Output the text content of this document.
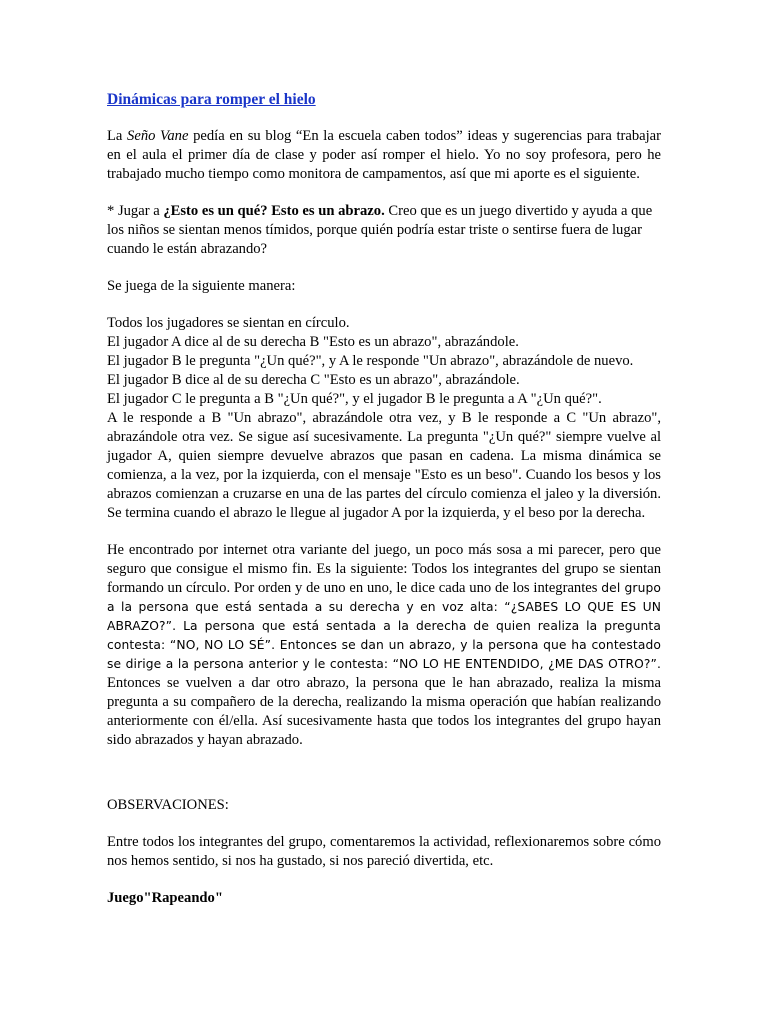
Dinámicas para romper el hielo

La Seño Vane pedía en su blog “En la escuela caben todos” ideas y sugerencias para trabajar en el aula el primer día de clase y poder así romper el hielo. Yo no soy profesora, pero he trabajado mucho tiempo como monitora de campamentos, así que mi aporte es el siguiente.

* Jugar a ¿Esto es un qué? Esto es un abrazo. Creo que es un juego divertido y ayuda a que los niños se sientan menos tímidos, porque quién podría estar triste o sentirse fuera de lugar cuando le están abrazando?

Se juega de la siguiente manera:

Todos los jugadores se sientan en círculo.
El jugador A dice al de su derecha B "Esto es un abrazo", abrazándole.
El jugador B le pregunta "¿Un qué?", y A le responde "Un abrazo", abrazándole de nuevo.
El jugador B dice al de su derecha C "Esto es un abrazo", abrazándole.
El jugador C le pregunta a B "¿Un qué?", y el jugador B le pregunta a A "¿Un qué?".
A le responde a B "Un abrazo", abrazándole otra vez, y B le responde a C "Un abrazo", abrazándole otra vez. Se sigue así sucesivamente. La pregunta "¿Un qué?" siempre vuelve al jugador A, quien siempre devuelve abrazos que pasan en cadena. La misma dinámica se comienza, a la vez, por la izquierda, con el mensaje "Esto es un beso". Cuando los besos y los abrazos comienzan a cruzarse en una de las partes del círculo comienza el jaleo y la diversión. Se termina cuando el abrazo le llegue al jugador A por la izquierda, y el beso por la derecha.

He encontrado por internet otra variante del juego, un poco más sosa a mi parecer, pero que seguro que consigue el mismo fin. Es la siguiente: Todos los integrantes del grupo se sientan formando un círculo. Por orden y de uno en uno, le dice cada uno de los integrantes del grupo a la persona que está sentada a su derecha y en voz alta: “¿SABES LO QUE ES UN ABRAZO?”. La persona que está sentada a la derecha de quien realiza la pregunta contesta: “NO, NO LO SÉ”. Entonces se dan un abrazo, y la persona que ha contestado se dirige a la persona anterior y le contesta: “NO LO HE ENTENDIDO, ¿ME DAS OTRO?”. Entonces se vuelven a dar otro abrazo, la persona que le han abrazado, realiza la misma pregunta a su compañero de la derecha, realizando la misma operación que habían realizando anteriormente con él/ella. Así sucesivamente hasta que todos los integrantes del grupo hayan sido abrazados y hayan abrazado.

OBSERVACIONES:

Entre todos los integrantes del grupo, comentaremos la actividad, reflexionaremos sobre cómo nos hemos sentido, si nos ha gustado, si nos pareció divertida, etc.

Juego"Rapeando"
